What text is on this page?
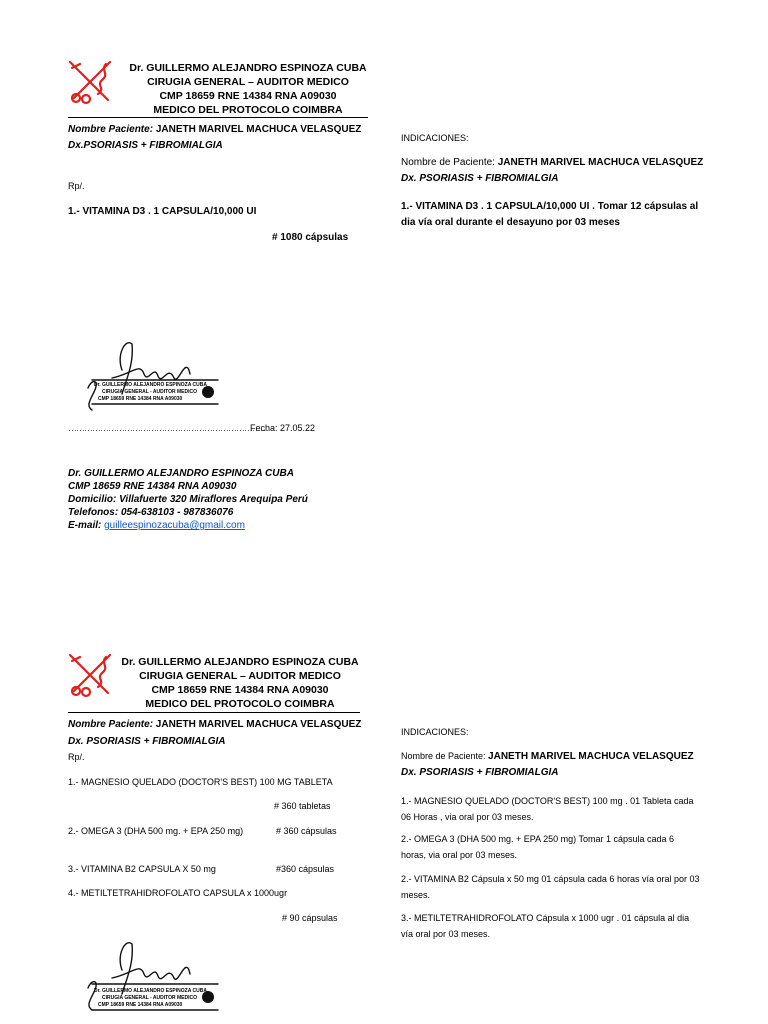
Dr. GUILLERMO ALEJANDRO ESPINOZA CUBA
CIRUGIA GENERAL – AUDITOR MEDICO
CMP 18659 RNE 14384 RNA A09030
MEDICO DEL PROTOCOLO COIMBRA
Nombre Paciente: JANETH MARIVEL MACHUCA VELASQUEZ
Dx.PSORIASIS + FIBROMIALGIA
Rp/.
1.- VITAMINA D3 . 1 CAPSULA/10,000 UI
# 1080 cápsulas
Dr. GUILLERMO ALEJANDRO ESPINOZA CUBA
CIRUGIA GENERAL - AUDITOR MEDICO
CMP 18659 RNE 14384 RNA A09030
…………………………………………………………………
Fecha: 27.05.22
Dr. GUILLERMO ALEJANDRO ESPINOZA CUBA
CMP 18659 RNE 14384 RNA A09030
Domicilio: Villafuerte 320 Miraflores Arequipa Perú
Telefonos: 054-638103 - 987836076
E-mail: guilleespinozacuba@gmail.com
INDICACIONES:
Nombre de Paciente: JANETH MARIVEL MACHUCA VELASQUEZ
Dx. PSORIASIS + FIBROMIALGIA
1.- VITAMINA D3 . 1 CAPSULA/10,000 UI . Tomar 12 cápsulas al dia vía oral durante el desayuno por 03 meses
Dr. GUILLERMO ALEJANDRO ESPINOZA CUBA
CIRUGIA GENERAL – AUDITOR MEDICO
CMP 18659 RNE 14384 RNA A09030
MEDICO DEL PROTOCOLO COIMBRA
Nombre Paciente: JANETH MARIVEL MACHUCA VELASQUEZ
Dx. PSORIASIS + FIBROMIALGIA
Rp/.
1.- MAGNESIO QUELADO (DOCTOR'S BEST) 100 MG TABLETA
# 360 tabletas
2.- OMEGA 3 (DHA 500 mg. + EPA 250 mg)	# 360 cápsulas
3.- VITAMINA B2 CAPSULA X 50 mg	#360 cápsulas
4.- METILTETRAHIDROFOLATO CAPSULA x 1000ugr
# 90 cápsulas
Dr. GUILLERMO ALEJANDRO ESPINOZA CUBA
CIRUGIA GENERAL - AUDITOR MEDICO
CMP 18659 RNE 14384 RNA A09030
INDICACIONES:
Nombre de Paciente: JANETH MARIVEL MACHUCA VELASQUEZ
Dx. PSORIASIS + FIBROMIALGIA
1.- MAGNESIO QUELADO (DOCTOR'S BEST) 100 mg . 01 Tableta cada 06 Horas , via oral por 03 meses.
2.- OMEGA 3 (DHA 500 mg. + EPA 250 mg) Tomar 1 cápsula cada 6 horas, via oral por 03 meses.
2.- VITAMINA B2 Cápsula x 50 mg 01 cápsula cada 6 horas vía oral por 03 meses.
3.- METILTETRAHIDROFOLATO Cápsula x 1000 ugr . 01 cápsula al dia vía oral por 03 meses.
